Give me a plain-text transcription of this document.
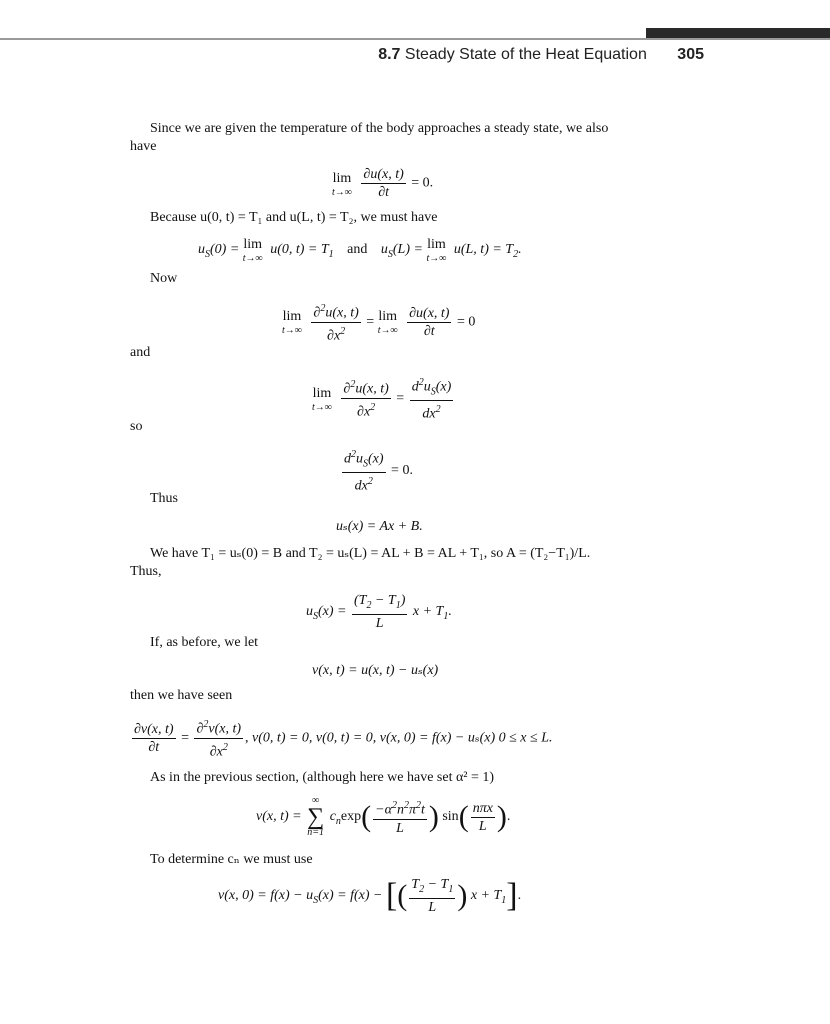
8.7 Steady State of the Heat Equation 305
Since we are given the temperature of the body approaches a steady state, we also
have
lim
t→∞
$\frac{\partial u(x, t)}{\partial t} = 0$.
Because u(0, t) = T₁ and u(L, t) = T₂, we must have
$u_S(0) = \lim$
t→∞
u(0, $t) = T_1$ and $u_S(L) = \lim$
t→∞
u(L, $t) = T_2$.
Now
lim
t→∞
$\frac{\partial^2u(x, t)}{\partial x^2} = \lim$
t→∞
$\frac{\partial u(x, t)}{\partial t} = 0$
and
lim
t→∞
$\frac{\partial^2u(x, t)}{\partial x^2} = \frac{d^2u_S(x)}{dx^2}$
so
$\frac{d^2u_S(x)}{dx^2} = 0$.
Thus
uₛ(x) = Ax + B.
We have T₁ = uₛ(0) = B and T₂ = uₛ(L) = AL + B = AL + T₁, so A = (T₂−T₁)/L.
Thus,
$u_S(x) = \frac{(T_2 - T_1)}{L}$ $x + T_1$.
If, as before, we let
v(x, t) = u(x, t) − uₛ(x)
then we have seen
$\frac{\partial v(x, t)}{\partial t} = \frac{\partial^2v(x, t)}{\partial x^2}$ , v(0, t) = 0, v(0, t) = 0, v(x, 0) = f(x) − uₛ(x) 0 ≤ x ≤ L.
As in the previous section, (although here we have set α² = 1)
v(x, t) =
∞
∑
n=1
$c_n\exp( \frac{-\alpha^2n^2\pi^2t}{L}$ ) $\sin( \frac{\text{nπx}}{L}$ ).
To determine cₙ we must use
v(x, $0) = f(x) - u_S(x) = f(x)$ − [( $\frac{T_2 - T_1}{L}$ ) $x + T_1$].
